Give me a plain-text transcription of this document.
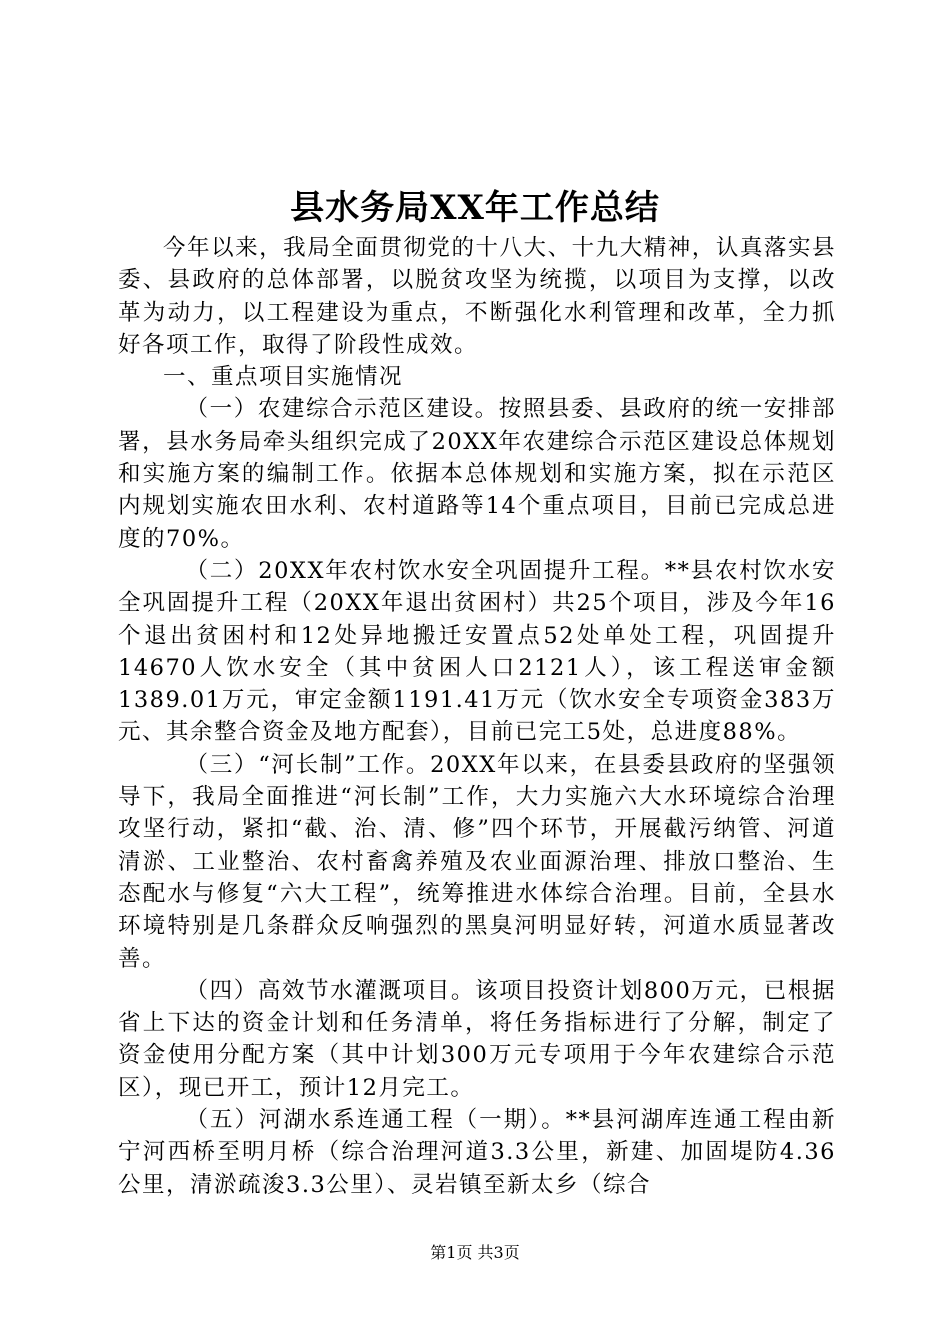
县水务局XX年工作总结

今年以来，我局全面贯彻党的十八大、十九大精神，认真落实县委、县政府的总体部署，以脱贫攻坚为统揽，以项目为支撑，以改革为动力，以工程建设为重点，不断强化水利管理和改革，全力抓好各项工作，取得了阶段性成效。

一、重点项目实施情况

（一）农建综合示范区建设。按照县委、县政府的统一安排部署，县水务局牵头组织完成了20XX年农建综合示范区建设总体规划和实施方案的编制工作。依据本总体规划和实施方案，拟在示范区内规划实施农田水利、农村道路等14个重点项目，目前已完成总进度的70%。

（二）20XX年农村饮水安全巩固提升工程。**县农村饮水安全巩固提升工程（20XX年退出贫困村）共25个项目，涉及今年16个退出贫困村和12处异地搬迁安置点52处单处工程，巩固提升14670人饮水安全（其中贫困人口2121人），该工程送审金额1389.01万元，审定金额1191.41万元（饮水安全专项资金383万元、其余整合资金及地方配套），目前已完工5处，总进度88%。

（三）“河长制”工作。20XX年以来，在县委县政府的坚强领导下，我局全面推进“河长制”工作，大力实施六大水环境综合治理攻坚行动，紧扣“截、治、清、修”四个环节，开展截污纳管、河道清淤、工业整治、农村畜禽养殖及农业面源治理、排放口整治、生态配水与修复“六大工程”，统筹推进水体综合治理。目前，全县水环境特别是几条群众反响强烈的黑臭河明显好转，河道水质显著改善。

（四）高效节水灌溉项目。该项目投资计划800万元，已根据省上下达的资金计划和任务清单，将任务指标进行了分解，制定了资金使用分配方案（其中计划300万元专项用于今年农建综合示范区），现已开工，预计12月完工。

（五）河湖水系连通工程（一期）。**县河湖库连通工程由新宁河西桥至明月桥（综合治理河道3.3公里，新建、加固堤防4.36公里，清淤疏浚3.3公里）、灵岩镇至新太乡（综合

第1页 共3页
